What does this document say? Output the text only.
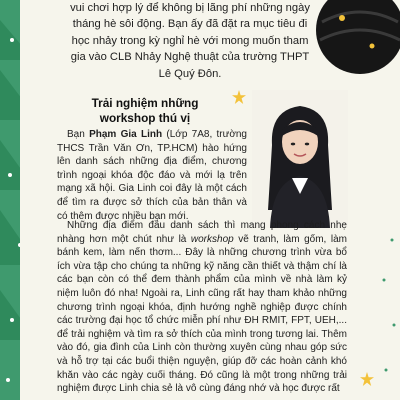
vui chơi hợp lý để không bị lãng phí những ngày
tháng hè sôi động. Bạn ấy đã đặt ra mục tiêu đi
học nhảy trong kỳ nghỉ hè với mong muốn tham
gia vào CLB Nhảy Nghệ thuật của trường THPT
Lê Quý Đôn.
Trải nghiệm những
workshop thú vị
Bạn Phạm Gia Linh (Lớp 7A8, trường THCS Trần Văn Ơn, TP.HCM) hào hứng lên danh sách những địa điểm, chương trình ngoại khóa độc đáo và mới lạ trên mạng xã hội. Gia Linh coi đây là một cách để tìm ra được sở thích của bản thân và có thêm được nhiều bạn mới.
Những địa điểm đầu danh sách thì mang phong cách nhẹ nhàng hơn một chút như là workshop vẽ tranh, làm gốm, làm bánh kem, làm nến thơm... Đây là những chương trình vừa bổ ích vừa tập cho chúng ta những kỹ năng cần thiết và thậm chí là các bạn còn có thể đem thành phẩm của mình về nhà làm kỷ niệm luôn đó nha! Ngoài ra, Linh cũng rất hay tham khảo những chương trình ngoại khóa, định hướng nghề nghiệp được chính các trường đại học tổ chức miễn phí như ĐH RMIT, FPT, UEH,... để trải nghiệm và tìm ra sở thích của mình trong tương lai. Thêm vào đó, gia đình của Linh còn thường xuyên cùng nhau góp sức và hỗ trợ tại các buổi thiện nguyện, giúp đỡ các hoàn cảnh khó khăn vào các ngày cuối tháng. Đó cũng là một trong những trải nghiệm được Linh chia sẻ là vô cùng đáng nhớ và học được rất
